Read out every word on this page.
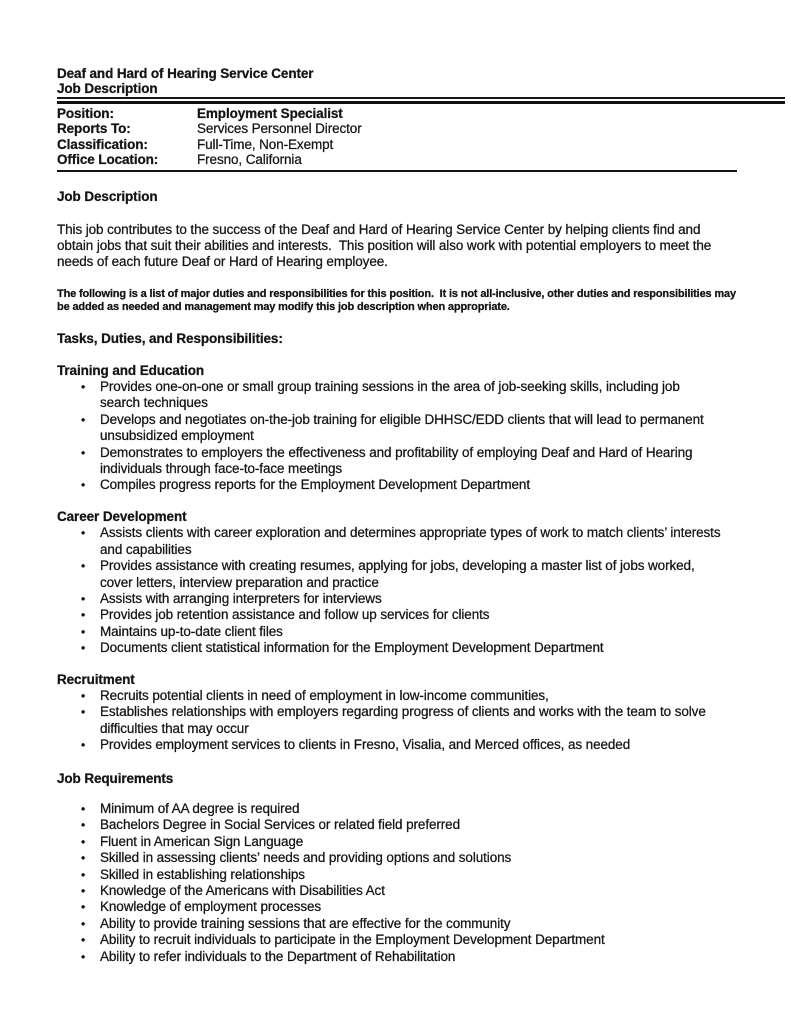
Deaf and Hard of Hearing Service Center
Job Description
Position:	Employment Specialist
Reports To:	Services Personnel Director
Classification:	Full-Time, Non-Exempt
Office Location:	Fresno, California
Job Description

This job contributes to the success of the Deaf and Hard of Hearing Service Center by helping clients find and obtain jobs that suit their abilities and interests.  This position will also work with potential employers to meet the needs of each future Deaf or Hard of Hearing employee.

The following is a list of major duties and responsibilities for this position.  It is not all-inclusive, other duties and responsibilities may be added as needed and management may modify this job description when appropriate.

Tasks, Duties, and Responsibilities:
Training and Education
• Provides one-on-one or small group training sessions in the area of job-seeking skills, including job search techniques
• Develops and negotiates on-the-job training for eligible DHHSC/EDD clients that will lead to permanent unsubsidized employment
• Demonstrates to employers the effectiveness and profitability of employing Deaf and Hard of Hearing individuals through face-to-face meetings
• Compiles progress reports for the Employment Development Department
Career Development
• Assists clients with career exploration and determines appropriate types of work to match clients’ interests and capabilities
• Provides assistance with creating resumes, applying for jobs, developing a master list of jobs worked, cover letters, interview preparation and practice
• Assists with arranging interpreters for interviews
• Provides job retention assistance and follow up services for clients
• Maintains up-to-date client files
• Documents client statistical information for the Employment Development Department
Recruitment
• Recruits potential clients in need of employment in low-income communities,
• Establishes relationships with employers regarding progress of clients and works with the team to solve difficulties that may occur
• Provides employment services to clients in Fresno, Visalia, and Merced offices, as needed
Job Requirements
• Minimum of AA degree is required
• Bachelors Degree in Social Services or related field preferred
• Fluent in American Sign Language
• Skilled in assessing clients’ needs and providing options and solutions
• Skilled in establishing relationships
• Knowledge of the Americans with Disabilities Act
• Knowledge of employment processes
• Ability to provide training sessions that are effective for the community
• Ability to recruit individuals to participate in the Employment Development Department
• Ability to refer individuals to the Department of Rehabilitation
